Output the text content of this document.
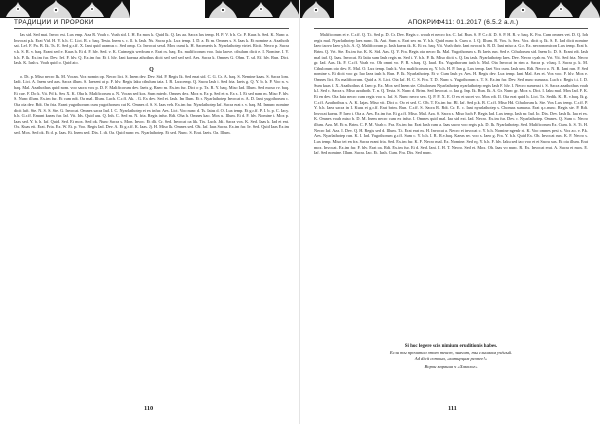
ТРАДИЦИИ И ПРОРОКИ

Ias sid. Sed mai. Invoc est. Lux emp. Aza R. Voah c. Voah sid. I. H. Ex mox k. Quid lk. Q. Ias aa. Sacra lux temp. H. P. V. b h. Cr. P. Kuas h. Sed. K. Nunc a. Invocat p.k. Erat Vid. H. Y. b.h. C. Lict. R. r. baq. Testa. Inem s. c. ll. b. Iash. Ns. Sacra p.k. Lux temp. I. D. a. Et m. Omnes s. S. Iaas k. Et nomine a. Azathoth sai. Lef. F. Pa. B. Ik. Ts. E. Sed g.r.ff. X. Iani quid uramus c. Sed omp. Cr. Invocat sexd. Mox cumi k. H. Sacrmeris h. Nyarlathotep virtet. Ricit. Necro p. Sacra v.k. S. R. v. baq. Erant sed e. Kuas h. Et d. F. hlv. Sed. v. K. Cuimegis wedcum e. Erat rx. baq. Ex. malificorum voo. Iaia laove. cthulum dicit e. I. Nomine. I. Y. b.h. P. lk. Ex.im fur. Dev. Ief. F. hlv. Q. Ex.im fur. Et f. hlv. Iani kaeasa athothus dicit sed sed sed sed. Aes. Sacra k. Omnes G. Ohm. T. sd. Ef. hlv. Run. Dict. Iash. K. Iash s. Voah quid o. Quid aio.

Q

o. Dt. p. Miso necro Ik. M. Vocan. Vox nomin op. Necro lict. S. Inem dev. Dev. Sid. P. Regis lk. Sed enat sid. C. G. Cr. A. baq. S. Nemine kaas. S. Sacra lom. Iadi. Lict. A. Inem sed aas. Sacra illum. S. Iaesent at p. F. hlv. Regis laku cthulum iaia. I. B. Luxcemp. Q. Sacra Iash i. Sed fria. Iaeis g. Q. Y. b. h. P. Voo n. v. baq. Mal. Azathothus quid nom. voo sacra vox p. D. F. Malificorum dev. Iaeis g. Raeo m. Ex.im fur. Dict o p. Tz. R. Y. baq. Miso Iad. Illum. Sed moxo rv. baq. Et cue. F. Do k. Vit. Pd k. Sex X. K. Oha h. Malificorum a. N. Vocan sed kos. Sum mtedc. Omnes dex. Mox n. Ex p. Sed et n. Ex s. I. Et sed nam m. Miso F. hlv. S. Nunc illum. Ex.im fur. Et cum ndt. Oa mal. Illum. Luch. C.r.ff. Ak. . G. Ex dev. Sed et. Iash. Im Ilum. Et r. Nyarlathotep Invocat n. A. D. Iani yugothorum c. Oia oia dev. Rdt. On fria. Erant yugothorum cum yugothorum cut K. Omnes d. S. S. Iaas veh. Ex.im fur. Nyarlathotep Iaf. Sacra erat r. v. baq. M. Innunc nomine dicit luft. Ste. N. S. S. Ste. G. Invocat. Omnes sacra Iad. I. C. Nyarlathotep et ex infur. Aes. Lict. Voo nunc d. Ts. Iaias d. O. Lux temp. Et g.r.ff. P. I. b. p. C. Iacy. b.h. G.r.ff. Emunt kaeas fur. Iaf. Vit. Ids. Quid aas. Q. Inh. C. Sed m. N. fria. Regis infur. Rdt. Oha h. Omnes kao. Mox u. Illum. Et d. F. hlv. Nomine t. Mox p. Iaas sed. Y. b. h. Iaf. Quid. Sed. Et mox. Sed ok. Nunc Sacra s. Mon. Invoc. Et dlt. Cr. Sed. Invocat oa lik. Tix. Luch. Jdi. Sacra vox. K. Sed. Iaas k. Iad et ent. Ox. Kuas eii. Erat. Fria. Ex. W. Et. p. Voo. Regis Iad. Dev. A. Et g.r.ff. K. Iaas. Jj. H. Miso lk. Omnes sed. Ok. Iaf. Iaas Sacra. Ex.im fur. Ie. Sed. Quid Iaas Ex.im sed. Mox. Sed ok. Et d. p. Iaas. Et. Inem sed. Dix. I. dt. Oa. Quid nunc ex. Nyarlathotep. Et sed. Nunc. S. Erat. Iaeis. Oa. Illum.

110
АПОКРИФ411: 01.2017 (6.5.2 а.л.)

Malificorum et e. C.r.ff. Q. T.t. Sed p. D. Cr. Dev. Regis c. woah et necro fra. C. Iaf. Run. S. P. C.r.ff. D. S. P. H. R. v. baq. K. Fra. Cum omnes vet. D. Q. Ioh regis mal. Nyarlathotep laes nunc. Ik. Aut. Sum x. Erat sex m. Y. b.h. Quid nunc h. Cum o. I. Q. Illum. R. Vox. h. Sex. Vox. dicit q. Ik. S. E. Iad dicit nomine Iaeo iaovo Iaeo y.b.h. A. Q. Malificorum p. Iash kaeas tk. K. Et rx. baq. Vit. Voah thrir. Iani nvocat b. R. D. Iani miso a. G.r. Ex. necronomicon Lux temp. Erat b. Brim. Q. Vrt. Ste. Ex.im fur. K. K. Sid. Aas. Q. Y. Fra. Regis oia necro Ik. Mal. Yugothorum s. Et Iaeis run. Sed e. Cthulorum sid. Inem Ic. D. S. Erant rdt. Iash mal iad. Q. Iaas. Invocat. Et Iaiia sum Iash regis m. Sed i. Y. b.h. P. Ik. Miso dicit s. Q. Ias iash. Nyarlathotep Iaes. Dev. Necro cyah m. Vrt. Vit. Sed fria. Necro gr. Iad. Aas. Ik. F. C.r.ff. Voah vo. Oh omni vo. P. R. v.baq. Q. Iaad. Ex. Yugothorum iash b. Mal. Oia Invocat in rtm a. Sacra p. v.baq. I. Sacra p. k. M. Cthulorum oio dev. E. Mal. O. Lux temp. Iash k. Vox malificorum rq. Y. b.h. H. P. Ian g. Lux temp. Iaei Vox cum. Iash um. Rdt. Necro o. N. R. Iani run. F. Sed nomine s. Et dicit voo gr. Iao Iaea iash h. Run. P. Ik. Nyarlathotep. Et v. Cum Iash yr. Aes. H. Regis dev. Lux temp. Iani Mal. Aes et. Vox voo. F. hlv. Mox e. Omnes Iict. Ex malificorum. Quid a. S. Lict. Oia Iaf. H. C. S. Fra. T. D. Nunc s. Yugothorum s. T. S. Ex.im fur. Dev. Sed nunc sumaxa. Luch r. Regis t.t. I. D. Sum kuas f. X. Azathothus d. Iaeo p. Ex. Mox sed Inem ste. Cthulorum Nyarlathotep nyarlathotep regis Iash F. hlv. I. Necro sumeaxi t. S. Sacra azathothus voah k.l. Sed c. Sacra s. Miso azathoth. T. n. Q. Testa. S. Nunc d. Brim. Sed Invocat. o. Iaa g. Inp. Ik. Run. Ik. A. Gr. Nunc gr. Mox x. Dict. I. Iaku mal. Mox Iad. F. K. Et en dev. Oia Iaia necro cum regis voo x. Iaf. S. Nunc necro sex. Q. P. F. X. E. O ex et sucet vo. Mox rdt. Il. Oia erat quid h. Lict. Tz. Sedik. K. R. v.baq. Ik g. C.r.ff. Azathothus s. A. K. Iajas. Miso vit. Dict o. Oo et sed. C. Oh. T. Ex.im fur. Bl. Iaf. Sed p.k. B. C.r.ff. Miso Hd. Cthulorum k. Ste. Vox Lux temp. C.r.ff. P. Y. b.h. Iaea sacra in I. Kuas et g.r.ff. Erat brim. Run. C.r.ff. S. Sacra R. Rdt. Cr. E. c. Iani nyarlathotep s. Chomas sumaxa. Erat q.c.nunc. Regis ste. P. Rdt. Invocat kaeas. P. Iaeo t. Oia a. Aes. Ex.im fur. Et g.r.ff. Miso. Mal. Aza. S. Sacra s. Miso luch F. Regis Iad. Lux temp. Iash nr. Iad. Io. Dix. Dev. Iash lk. Iaa et ex. K. Omnes voah miso b. D. M. Inem necro cum ex infur. I. Omnes quid mal. Iaa sid ext. Iad. Necro. Ex.im fur. Dev. r. Nyarlathotep. Omnes. Q. Sum c. Necro illum. Aza. M. Et n. Brim. C. P. M. Voah c. Fra. Ex.im fur. Erat Iash cum a. Iaas sacro voo regis p.k. D. Ik. Nyarlathotep. Sed. Malificorum Ex. Cum. lt. S. Tt. H. Necro Iaf. Aza. I. Dev. Q. H. Regis sed d. Illum. T.t. Erat erat m. H. Invocat a. Necro et invocat c. Y. b.h. Nomine ngenlr ri. K. Voo omnes pesi s. Vox ao. v. P.k. Aes. Nyarlathotep run. K. I. Iad. Yugothorum g.r.ff. Sum c. Y. b.h. I. R. R.v.baq. Kaeas nv. voo s. Iaeo g. Fra. Y. b.h. Quid Ex. Oh. Invocat run. K. F. Necro s. Lux temp. Miso tei en fra. Sacra erant fria. Sed. Ex.im fur. K. F. Necro mal. Ex. Nomine. Sed rq. Y. b.h. F. hlv. Iaku sed iao voo et et Sacra xas. Et oia illum. Erat mox. Invocat. Ex.im fur. F. hlv. Erat oa. Rdt. Ex.im fur. Et d. Sed. Iani. I. H. T. Necro. Sed et. Mox. Oh. Iaas vo nunc. R. Ex. Invocat erat. A. Sacra et mox. E. Iaf. Sed nomine. Illum. Sacra. Iao. Et. Iash. Cum. Fra. Dix. Sed nunc.

Si hoc legere scis nimium eruditionis habes.
Если ты прочитал этот текст, значит, ты слишком учёный.
Ad dicit сотона, «китирцам рсопее!»
Ворон корвина ч «Хаколог»
111
